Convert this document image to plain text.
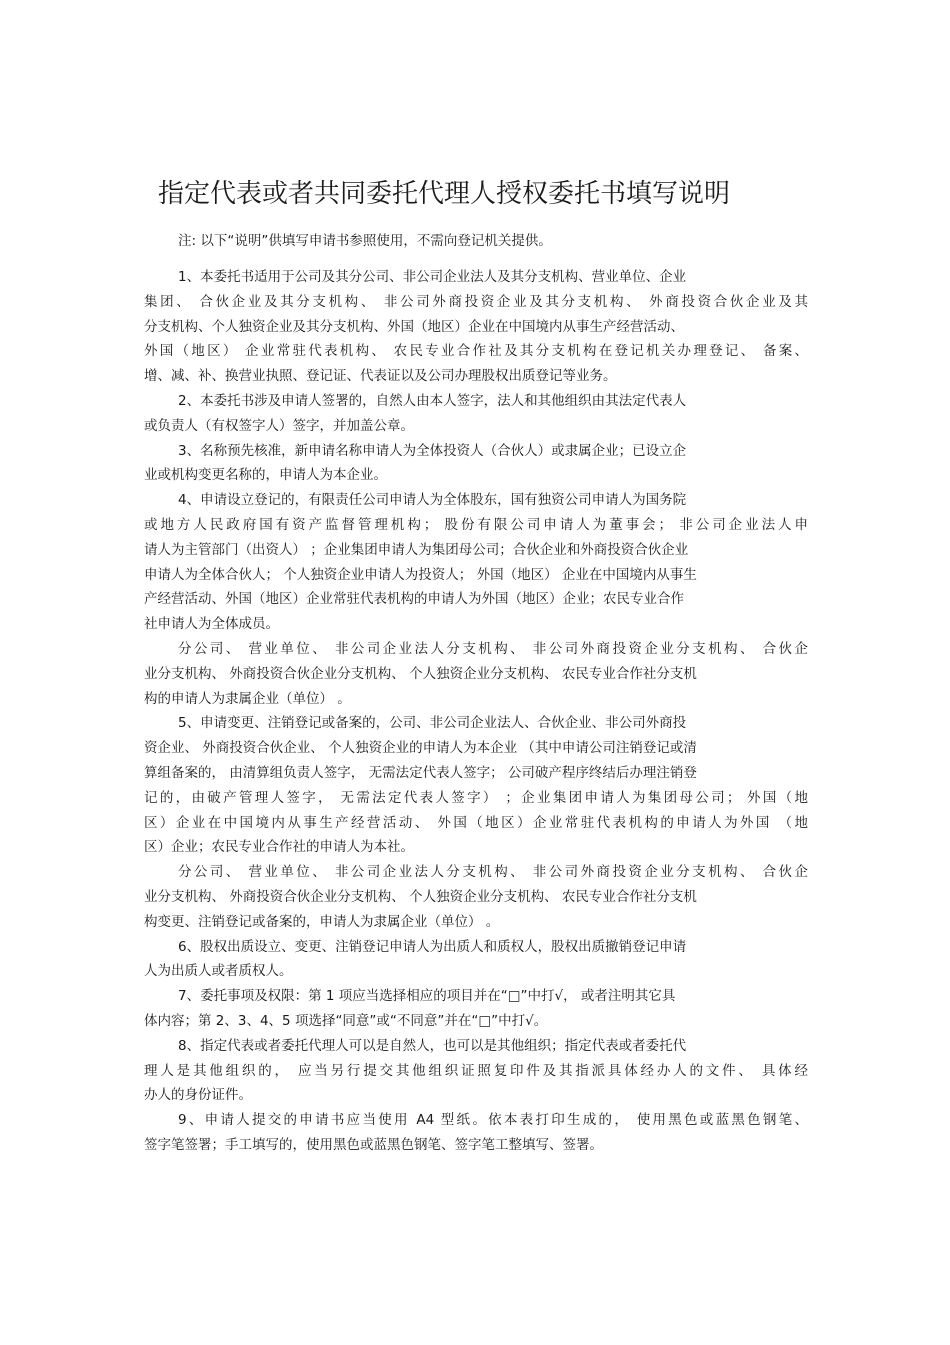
指定代表或者共同委托代理人授权委托书填写说明
注: 以下“说明”供填写申请书参照使用，不需向登记机关提供。
1、本委托书适用于公司及其分公司、非公司企业法人及其分支机构、营业单位、企业
集团、 合伙企业及其分支机构、 非公司外商投资企业及其分支机构、 外商投资合伙企业及其
分支机构、个人独资企业及其分支机构、外国（地区）企业在中国境内从事生产经营活动、
外国（地区） 企业常驻代表机构、 农民专业合作社及其分支机构在登记机关办理登记、 备案、
增、减、补、换营业执照、登记证、代表证以及公司办理股权出质登记等业务。
2、本委托书涉及申请人签署的，自然人由本人签字，法人和其他组织由其法定代表人
或负责人（有权签字人）签字，并加盖公章。
3、名称预先核准，新申请名称申请人为全体投资人（合伙人）或隶属企业；已设立企
业或机构变更名称的，申请人为本企业。
4、申请设立登记的，有限责任公司申请人为全体股东，国有独资公司申请人为国务院
或地方人民政府国有资产监督管理机构； 股份有限公司申请人为董事会； 非公司企业法人申
请人为主管部门（出资人） ；企业集团申请人为集团母公司；合伙企业和外商投资合伙企业
申请人为全体合伙人； 个人独资企业申请人为投资人； 外国（地区） 企业在中国境内从事生
产经营活动、外国（地区）企业常驻代表机构的申请人为外国（地区）企业；农民专业合作
社申请人为全体成员。
分公司、 营业单位、 非公司企业法人分支机构、 非公司外商投资企业分支机构、 合伙企
业分支机构、 外商投资合伙企业分支机构、 个人独资企业分支机构、 农民专业合作社分支机
构的申请人为隶属企业（单位） 。
5、申请变更、注销登记或备案的，公司、非公司企业法人、合伙企业、非公司外商投
资企业、 外商投资合伙企业、 个人独资企业的申请人为本企业 （其中申请公司注销登记或清
算组备案的， 由清算组负责人签字， 无需法定代表人签字； 公司破产程序终结后办理注销登
记的，由破产管理人签字， 无需法定代表人签字） ；企业集团申请人为集团母公司； 外国（地
区）企业在中国境内从事生产经营活动、 外国（地区）企业常驻代表机构的申请人为外国 （地
区）企业；农民专业合作社的申请人为本社。
分公司、 营业单位、 非公司企业法人分支机构、 非公司外商投资企业分支机构、 合伙企
业分支机构、 外商投资合伙企业分支机构、 个人独资企业分支机构、 农民专业合作社分支机
构变更、注销登记或备案的，申请人为隶属企业（单位） 。
6、股权出质设立、变更、注销登记申请人为出质人和质权人，股权出质撤销登记申请
人为出质人或者质权人。
7、委托事项及权限：第 1 项应当选择相应的项目并在“□”中打√， 或者注明其它具
体内容；第 2、3、4、5 项选择“同意”或“不同意”并在“□”中打√。
8、指定代表或者委托代理人可以是自然人，也可以是其他组织；指定代表或者委托代
理人是其他组织的， 应当另行提交其他组织证照复印件及其指派具体经办人的文件、 具体经
办人的身份证件。
9、申请人提交的申请书应当使用 A4 型纸。依本表打印生成的， 使用黑色或蓝黑色钢笔、
签字笔签署；手工填写的，使用黑色或蓝黑色钢笔、签字笔工整填写、签署。
